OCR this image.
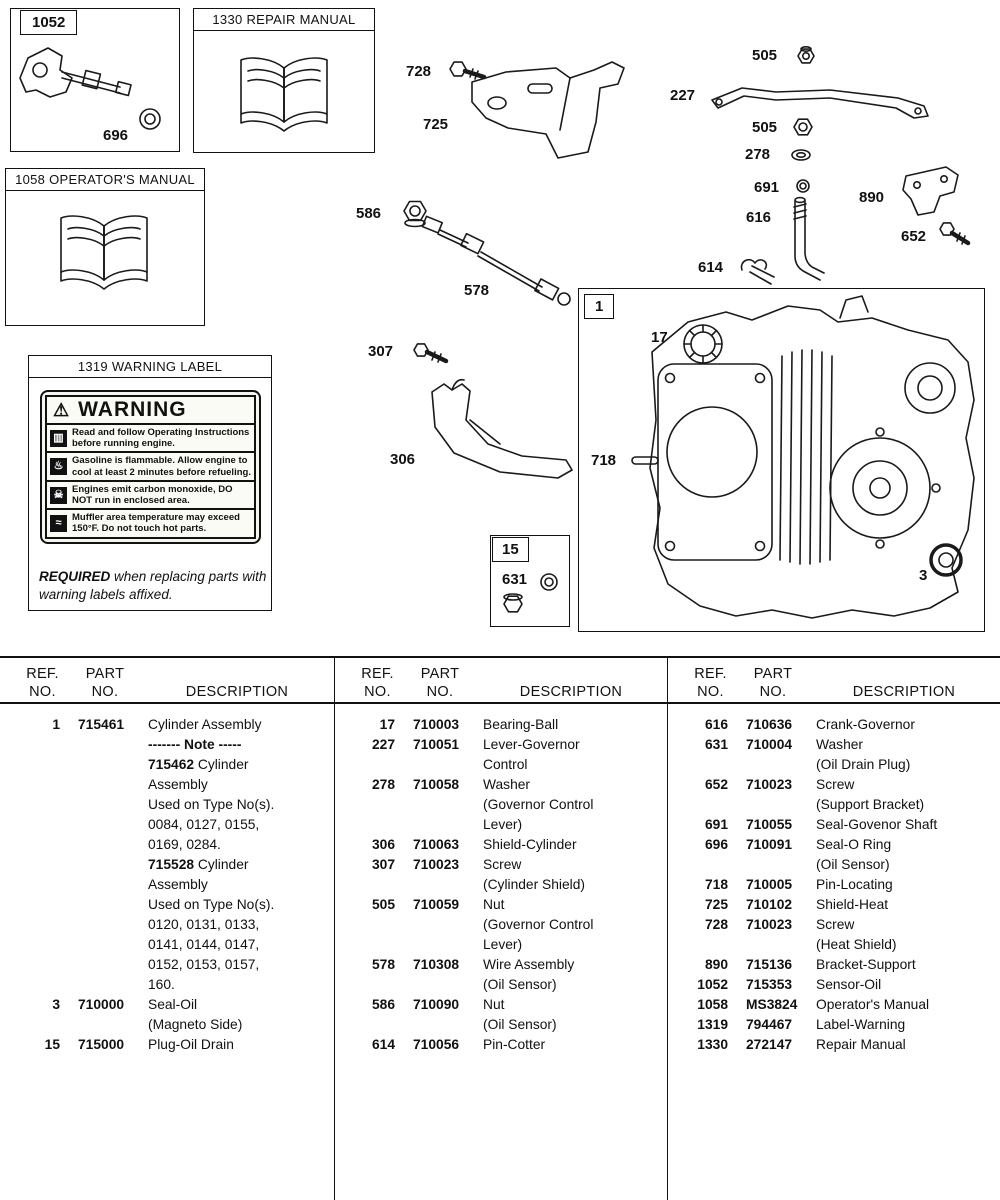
1052
696
1330 REPAIR MANUAL
1058 OPERATOR'S MANUAL
1319 WARNING LABEL
⚠ WARNING
▥ Read and follow Operating Instructions before running engine.
♨ Gasoline is flammable. Allow engine to cool at least 2 minutes before refueling.
☠ Engines emit carbon monoxide, DO NOT run in enclosed area.
≈	Muffler area temperature may exceed 150°F. Do not touch hot parts.
REQUIRED when replacing parts with warning labels affixed.
1
15
631
728
725
586
578
307
306
227
505
505
278
691
616
890
652
614
17
718
3
REF.	PART
NO.	NO.	DESCRIPTION
1	715461	Cylinder Assembly
------- Note -----
715462 Cylinder
Assembly
Used on Type No(s).
0084, 0127, 0155,
0169, 0284.
715528 Cylinder
Assembly
Used on Type No(s).
0120, 0131, 0133,
0141, 0144, 0147,
0152, 0153, 0157,
160.
3	710000	Seal-Oil
(Magneto Side)
15	715000	Plug-Oil Drain
REF.	PART
NO.	NO.	DESCRIPTION
17	710003	Bearing-Ball
227	710051	Lever-Governor
Control
278	710058	Washer
(Governor Control
Lever)
306	710063	Shield-Cylinder
307	710023	Screw
(Cylinder Shield)
505	710059	Nut
(Governor Control
Lever)
578	710308	Wire Assembly
(Oil Sensor)
586	710090	Nut
(Oil Sensor)
614	710056	Pin-Cotter
REF.	PART
NO.	NO.	DESCRIPTION
616	710636	Crank-Governor
631	710004	Washer
(Oil Drain Plug)
652	710023	Screw
(Support Bracket)
691	710055	Seal-Govenor Shaft
696	710091	Seal-O Ring
(Oil Sensor)
718	710005	Pin-Locating
725	710102	Shield-Heat
728	710023	Screw
(Heat Shield)
890	715136	Bracket-Support
1052	715353	Sensor-Oil
1058	MS3824	Operator's Manual
1319	794467	Label-Warning
1330	272147	Repair Manual
